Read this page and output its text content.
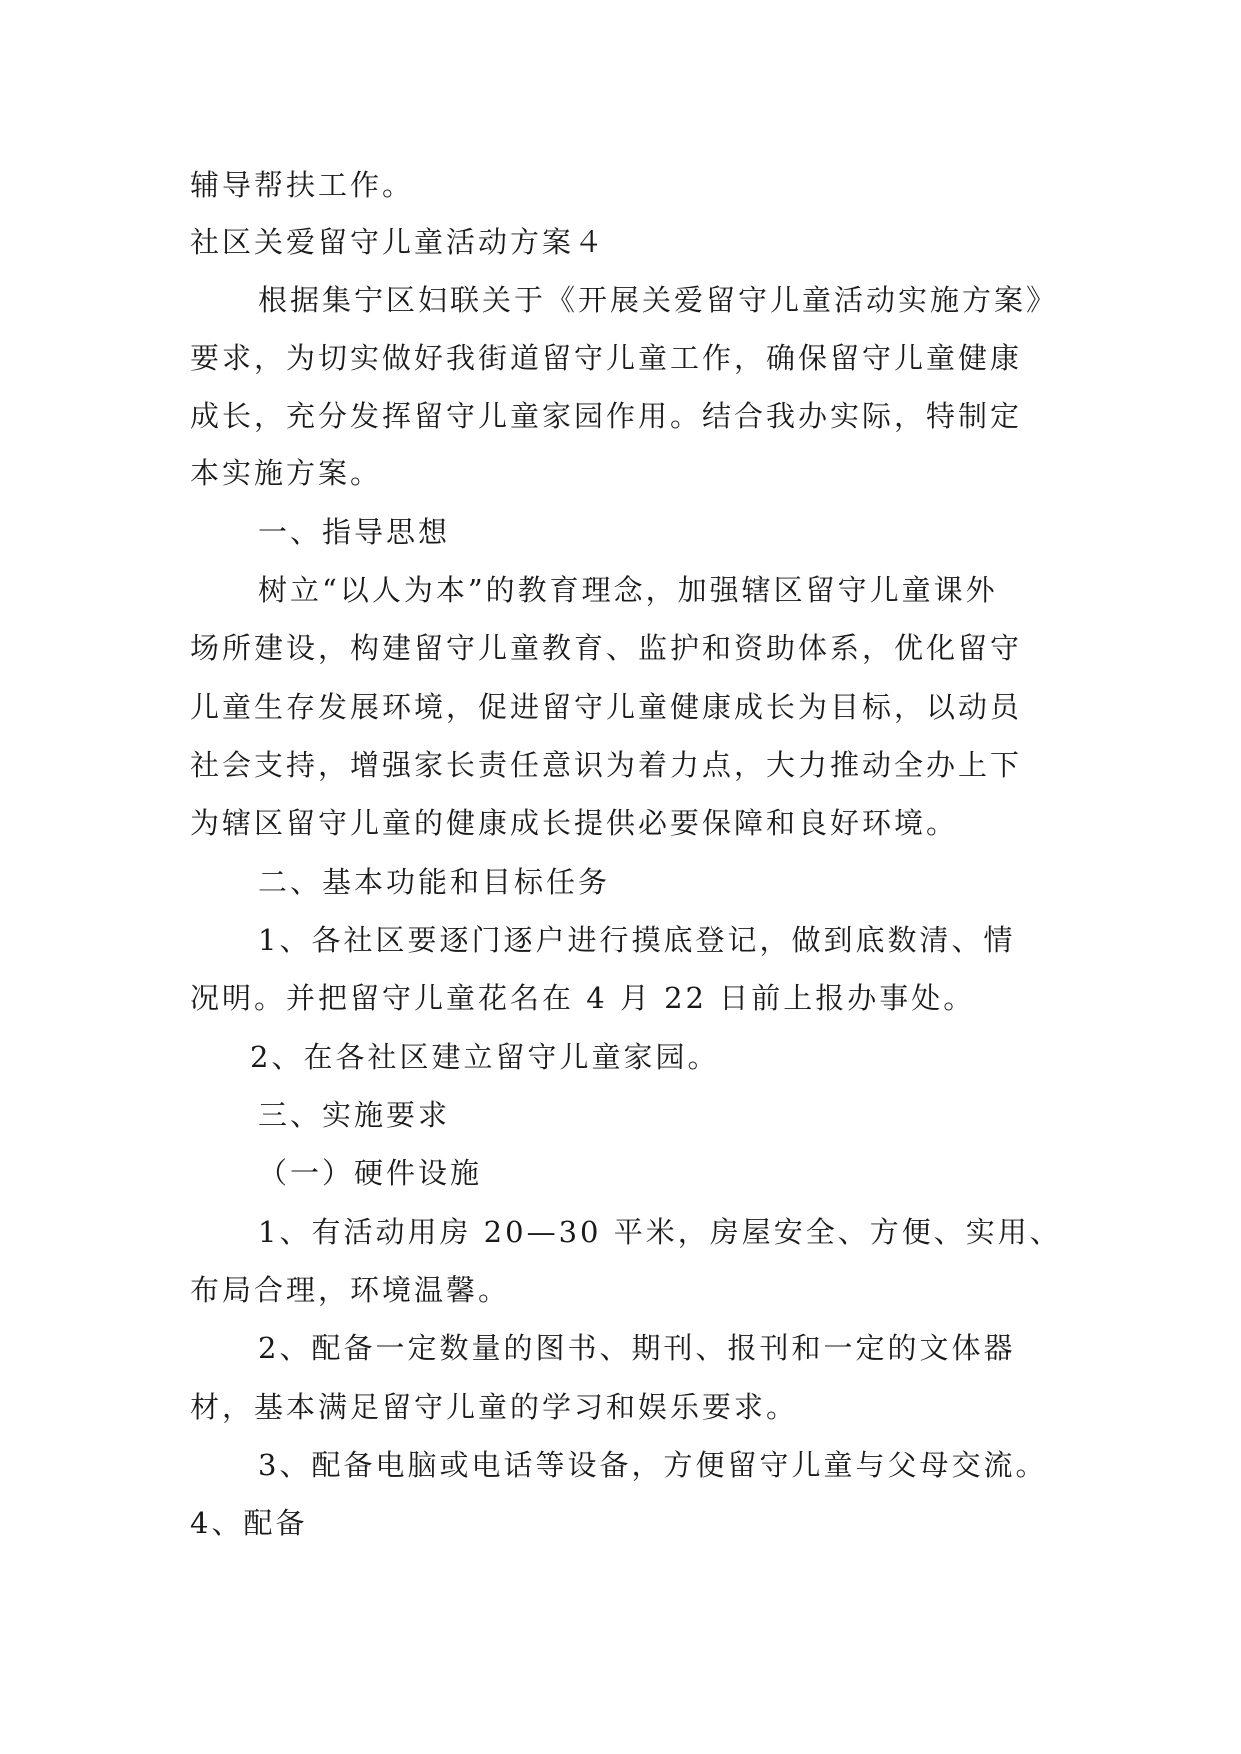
辅导帮扶工作。

社区关爱留守儿童活动方案４

根据集宁区妇联关于《开展关爱留守儿童活动实施方案》

要求，为切实做好我街道留守儿童工作，确保留守儿童健康

成长，充分发挥留守儿童家园作用。结合我办实际，特制定

本实施方案。

一、指导思想

树立“以人为本”的教育理念，加强辖区留守儿童课外

场所建设，构建留守儿童教育、监护和资助体系，优化留守

儿童生存发展环境，促进留守儿童健康成长为目标，以动员

社会支持，增强家长责任意识为着力点，大力推动全办上下

为辖区留守儿童的健康成长提供必要保障和良好环境。

二、基本功能和目标任务

1、各社区要逐门逐户进行摸底登记，做到底数清、情

况明。并把留守儿童花名在 4 月 22 日前上报办事处。

2、在各社区建立留守儿童家园。

三、实施要求

（一）硬件设施

1、有活动用房 20—30 平米，房屋安全、方便、实用、

布局合理，环境温馨。

2、配备一定数量的图书、期刊、报刊和一定的文体器

材，基本满足留守儿童的学习和娱乐要求。

3、配备电脑或电话等设备，方便留守儿童与父母交流。

4、配备
